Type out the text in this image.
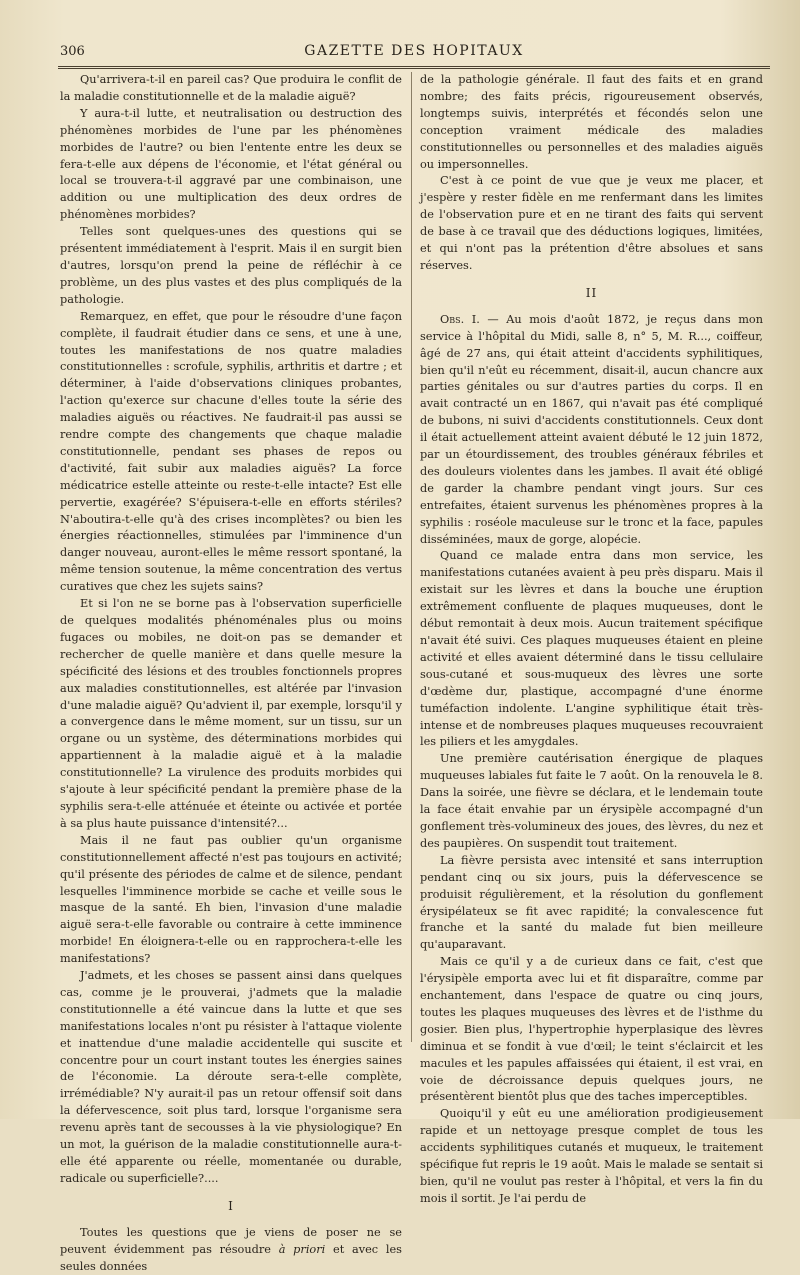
306	GAZETTE DES HOPITAUX

Qu'arrivera-t-il en pareil cas? Que produira le conflit de la maladie constitutionnelle et de la maladie aiguë?

Y aura-t-il lutte, et neutralisation ou destruction des phénomènes morbides de l'une par les phénomènes morbides de l'autre? ou bien l'entente entre les deux se fera-t-elle aux dépens de l'économie, et l'état général ou local se trouvera-t-il aggravé par une combinaison, une addition ou une multiplication des deux ordres de phénomènes morbides?

Telles sont quelques-unes des questions qui se présentent immédiatement à l'esprit. Mais il en surgit bien d'autres, lorsqu'on prend la peine de réfléchir à ce problème, un des plus vastes et des plus compliqués de la pathologie.

Remarquez, en effet, que pour le résoudre d'une façon complète, il faudrait étudier dans ce sens, et une à une, toutes les manifestations de nos quatre maladies constitutionnelles : scrofule, syphilis, arthritis et dartre ; et déterminer, à l'aide d'observations cliniques probantes, l'action qu'exerce sur chacune d'elles toute la série des maladies aiguës ou réactives. Ne faudrait-il pas aussi se rendre compte des changements que chaque maladie constitutionnelle, pendant ses phases de repos ou d'activité, fait subir aux maladies aiguës? La force médicatrice estelle atteinte ou reste-t-elle intacte? Est elle pervertie, exagérée? S'épuisera-t-elle en efforts stériles? N'aboutira-t-elle qu'à des crises incomplètes? ou bien les énergies réactionnelles, stimulées par l'imminence d'un danger nouveau, auront-elles le même ressort spontané, la même tension soutenue, la même concentration des vertus curatives que chez les sujets sains?

Et si l'on ne se borne pas à l'observation superficielle de quelques modalités phénoménales plus ou moins fugaces ou mobiles, ne doit-on pas se demander et rechercher de quelle manière et dans quelle mesure la spécificité des lésions et des troubles fonctionnels propres aux maladies constitutionnelles, est altérée par l'invasion d'une maladie aiguë? Qu'advient il, par exemple, lorsqu'il y a convergence dans le même moment, sur un tissu, sur un organe ou un système, des déterminations morbides qui appartiennent à la maladie aiguë et à la maladie constitutionnelle? La virulence des produits morbides qui s'ajoute à leur spécificité pendant la première phase de la syphilis sera-t-elle atténuée et éteinte ou activée et portée à sa plus haute puissance d'intensité?...

Mais il ne faut pas oublier qu'un organisme constitutionnellement affecté n'est pas toujours en activité; qu'il présente des périodes de calme et de silence, pendant lesquelles l'imminence morbide se cache et veille sous le masque de la santé. Eh bien, l'invasion d'une maladie aiguë sera-t-elle favorable ou contraire à cette imminence morbide! En éloignera-t-elle ou en rapprochera-t-elle les manifestations?

J'admets, et les choses se passent ainsi dans quelques cas, comme je le prouverai, j'admets que la maladie constitutionnelle a été vaincue dans la lutte et que ses manifestations locales n'ont pu résister à l'attaque violente et inattendue d'une maladie accidentelle qui suscite et concentre pour un court instant toutes les énergies saines de l'économie. La déroute sera-t-elle complète, irrémédiable? N'y aurait-il pas un retour offensif soit dans la défervescence, soit plus tard, lorsque l'organisme sera revenu après tant de secousses à la vie physiologique? En un mot, la guérison de la maladie constitutionnelle aura-t-elle été apparente ou réelle, momentanée ou durable, radicale ou superficielle?....

I

Toutes les questions que je viens de poser ne se peuvent évidemment pas résoudre à priori et avec les seules données

de la pathologie générale. Il faut des faits et en grand nombre; des faits précis, rigoureusement observés, longtemps suivis, interprétés et fécondés selon une conception vraiment médicale des maladies constitutionnelles ou personnelles et des maladies aiguës ou impersonnelles.

C'est à ce point de vue que je veux me placer, et j'espère y rester fidèle en me renfermant dans les limites de l'observation pure et en ne tirant des faits qui servent de base à ce travail que des déductions logiques, limitées, et qui n'ont pas la prétention d'être absolues et sans réserves.

II

Obs. I. — Au mois d'août 1872, je reçus dans mon service à l'hôpital du Midi, salle 8, n° 5, M. R..., coiffeur, âgé de 27 ans, qui était atteint d'accidents syphilitiques, bien qu'il n'eût eu récemment, disait-il, aucun chancre aux parties génitales ou sur d'autres parties du corps. Il en avait contracté un en 1867, qui n'avait pas été compliqué de bubons, ni suivi d'accidents constitutionnels. Ceux dont il était actuellement atteint avaient débuté le 12 juin 1872, par un étourdissement, des troubles généraux fébriles et des douleurs violentes dans les jambes. Il avait été obligé de garder la chambre pendant vingt jours. Sur ces entrefaites, étaient survenus les phénomènes propres à la syphilis : roséole maculeuse sur le tronc et la face, papules disséminées, maux de gorge, alopécie.

Quand ce malade entra dans mon service, les manifestations cutanées avaient à peu près disparu. Mais il existait sur les lèvres et dans la bouche une éruption extrêmement confluente de plaques muqueuses, dont le début remontait à deux mois. Aucun traitement spécifique n'avait été suivi. Ces plaques muqueuses étaient en pleine activité et elles avaient déterminé dans le tissu cellulaire sous-cutané et sous-muqueux des lèvres une sorte d'œdème dur, plastique, accompagné d'une énorme tuméfaction indolente. L'angine syphilitique était très-intense et de nombreuses plaques muqueuses recouvraient les piliers et les amygdales.

Une première cautérisation énergique de plaques muqueuses labiales fut faite le 7 août. On la renouvela le 8. Dans la soirée, une fièvre se déclara, et le lendemain toute la face était envahie par un érysipèle accompagné d'un gonflement très-volumineux des joues, des lèvres, du nez et des paupières. On suspendit tout traitement.

La fièvre persista avec intensité et sans interruption pendant cinq ou six jours, puis la défervescence se produisit régulièrement, et la résolution du gonflement érysipélateux se fit avec rapidité; la convalescence fut franche et la santé du malade fut bien meilleure qu'auparavant.

Mais ce qu'il y a de curieux dans ce fait, c'est que l'érysipèle emporta avec lui et fit disparaître, comme par enchantement, dans l'espace de quatre ou cinq jours, toutes les plaques muqueuses des lèvres et de l'isthme du gosier. Bien plus, l'hypertrophie hyperplasique des lèvres diminua et se fondit à vue d'œil; le teint s'éclaircit et les macules et les papules affaissées qui étaient, il est vrai, en voie de décroissance depuis quelques jours, ne présentèrent bientôt plus que des taches imperceptibles.

Quoiqu'il y eût eu une amélioration prodigieusement rapide et un nettoyage presque complet de tous les accidents syphilitiques cutanés et muqueux, le traitement spécifique fut repris le 19 août. Mais le malade se sentait si bien, qu'il ne voulut pas rester à l'hôpital, et vers la fin du mois il sortit. Je l'ai perdu de
